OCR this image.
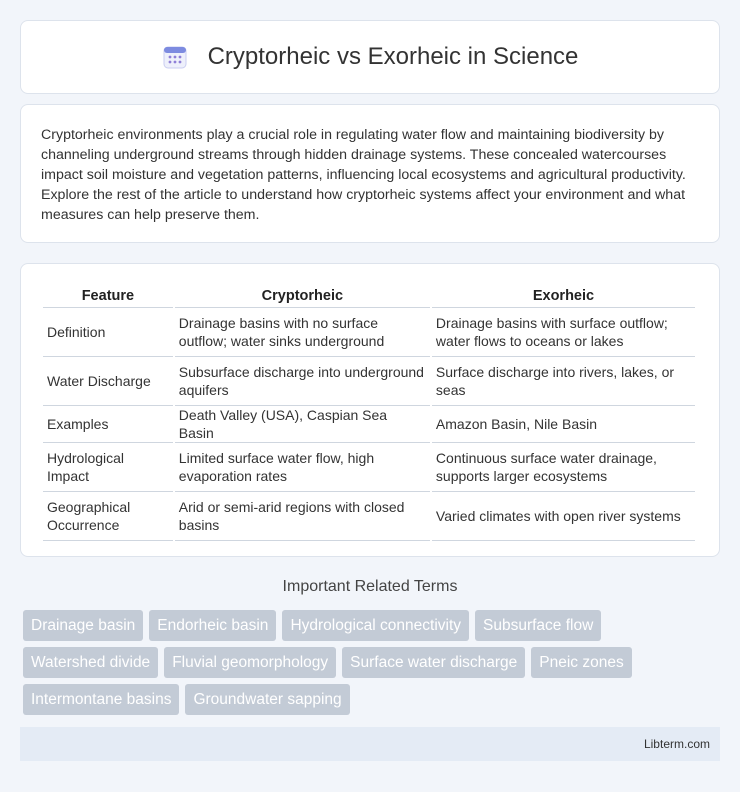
Cryptorheic vs Exorheic in Science

Cryptorheic environments play a crucial role in regulating water flow and maintaining biodiversity by channeling underground streams through hidden drainage systems. These concealed watercourses impact soil moisture and vegetation patterns, influencing local ecosystems and agricultural productivity. Explore the rest of the article to understand how cryptorheic systems affect your environment and what measures can help preserve them.

Feature	Cryptorheic	Exorheic
Definition	Drainage basins with no surface outflow; water sinks underground	Drainage basins with surface outflow; water flows to oceans or lakes
Water Discharge	Subsurface discharge into underground aquifers	Surface discharge into rivers, lakes, or seas
Examples	Death Valley (USA), Caspian Sea Basin	Amazon Basin, Nile Basin
Hydrological Impact	Limited surface water flow, high evaporation rates	Continuous surface water drainage, supports larger ecosystems
Geographical Occurrence	Arid or semi-arid regions with closed basins	Varied climates with open river systems
Important Related Terms
Drainage basin	Endorheic basin	Hydrological connectivity	Subsurface flow
Watershed divide	Fluvial geomorphology	Surface water discharge	Pneic zones
Intermontane basins	Groundwater sapping
Libterm.com
